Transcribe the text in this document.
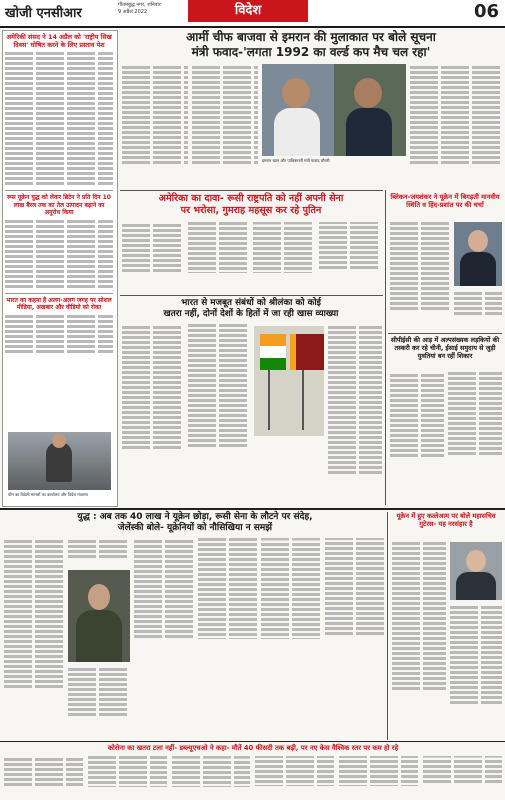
खोजी एनसीआर
गौतमबुद्ध नगर, शनिवार
9 अप्रैल 2022	विदेश	06
अमेरिकी संसद ने 14 अप्रैल को 'राष्ट्रीय सिख दिवस' घोषित करने के लिए प्रस्ताव पेश
रूस यूक्रेन युद्ध को लेकर ब्रिटेन ने प्रति दिन 10 लाख बैरल तक का तेल उत्पादन बढ़ाने का अनुरोध किया
भारत का कहना है अलग-अलग जगह पर सोशल मीडिया, अखबार और वीडियो को रोका
चीन का विदेशी मामलों का कार्यालय और विदेश मंत्रालय
आर्मी चीफ बाजवा से इमरान की मुलाकात पर बोले सूचना
मंत्री फवाद-'लगता 1992 का वर्ल्ड कप मैच चल रहा'
इमरान खान और पाकिस्तानी मंत्री फवाद चौधरी
अमेरिका का दावा- रूसी राष्ट्रपति को नहीं अपनी सेना
पर भरोसा, गुमराह महसूस कर रहे पुतिन
भारत से मजबूत संबंधों को श्रीलंका को कोई
खतरा नहीं, दोनों देशों के हितों में जा रही खास व्याख्या
ब्लिंकन-जयशंकर ने यूक्रेन में बिगड़ती मानवीय स्थिति व हिंद-प्रशांत पर की चर्चा
सीपीईसी की आड़ में अल्पसंख्यक लड़कियों की तस्करी कर रहे चीनी, ईसाई समुदाय से जुड़ी युवतियां बन रहीं शिकार
युद्ध : अब तक 40 लाख ने यूक्रेन छोड़ा, रूसी सेना के लौटने पर संदेह,
जेलेंस्की बोले- यूक्रेनियों को नौसिखिया न समझें
यूक्रेन में हुए कत्लेआम पर बोले महासचिव गुटेरस- यह नरसंहार है
कोरोना का खतरा टला नहीं- डब्ल्यूएचओ ने कहा- मौतें 40 फीसदी तक बढ़ी, पर नए केस वैश्विक स्तर पर कम हो रहे
